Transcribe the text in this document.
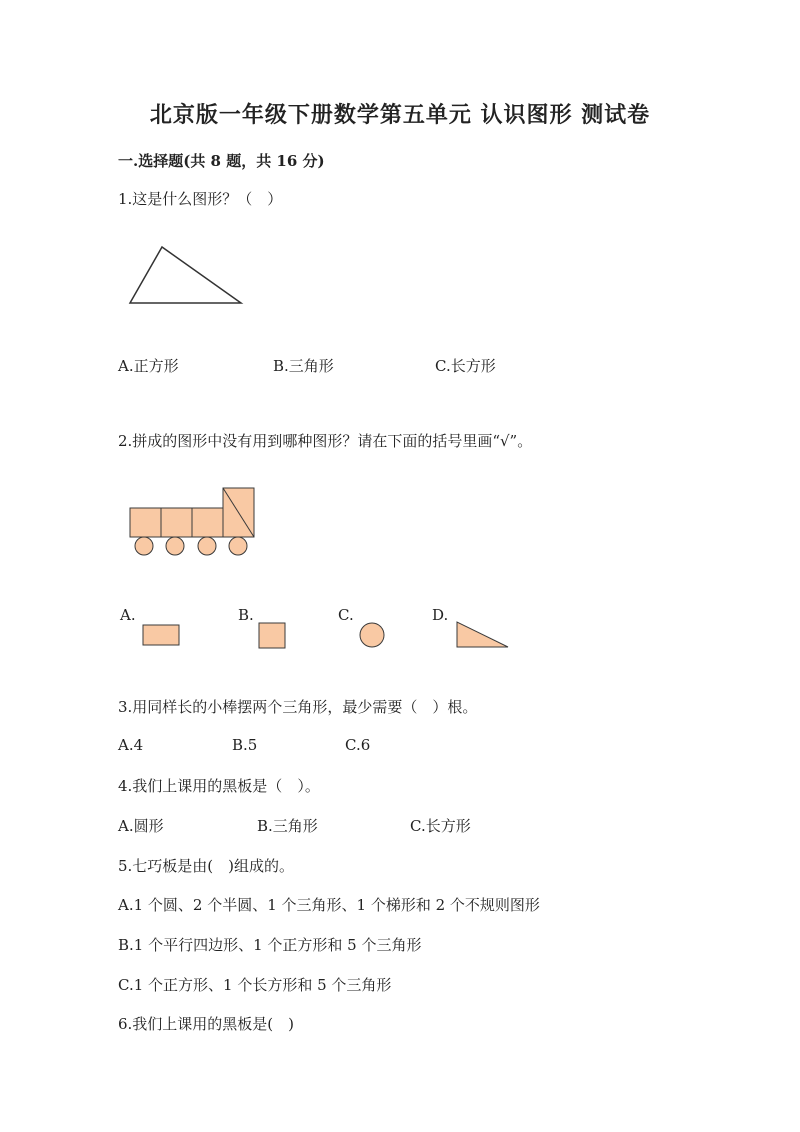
北京版一年级下册数学第五单元 认识图形 测试卷
一.选择题(共 8 题，共 16 分)
1.这是什么图形？（　）
A.正方形	B.三角形	C.长方形
2.拼成的图形中没有用到哪种图形？请在下面的括号里画“√”。
A.	B.	C.	D.
3.用同样长的小棒摆两个三角形，最少需要（　）根。
A.4	B.5	C.6
4.我们上课用的黑板是（　）。
A.圆形	B.三角形	C.长方形
5.七巧板是由(　)组成的。
A.1 个圆、2 个半圆、1 个三角形、1 个梯形和 2 个不规则图形
B.1 个平行四边形、1 个正方形和 5 个三角形
C.1 个正方形、1 个长方形和 5 个三角形
6.我们上课用的黑板是(　)
